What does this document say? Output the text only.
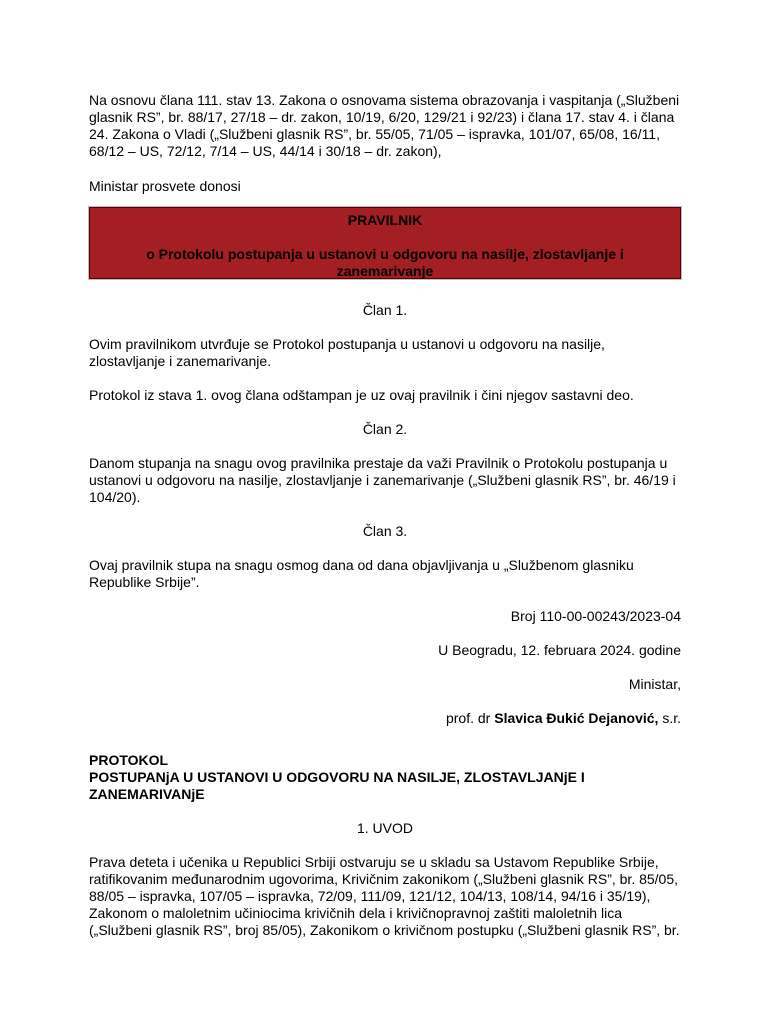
Na osnovu člana 111. stav 13. Zakona o osnovama sistema obrazovanja i vaspitanja („Službeni glasnik RS”, br. 88/17, 27/18 – dr. zakon, 10/19, 6/20, 129/21 i 92/23) i člana 17. stav 4. i člana 24. Zakona o Vladi („Službeni glasnik RS”, br. 55/05, 71/05 – ispravka, 101/07, 65/08, 16/11, 68/12 – US, 72/12, 7/14 – US, 44/14 i 30/18 – dr. zakon),

Ministar prosvete donosi

PRAVILNIK
o Protokolu postupanja u ustanovi u odgovoru na nasilje, zlostavljanje i zanemarivanje

Član 1.

Ovim pravilnikom utvrđuje se Protokol postupanja u ustanovi u odgovoru na nasilje, zlostavljanje i zanemarivanje.

Protokol iz stava 1. ovog člana odštampan je uz ovaj pravilnik i čini njegov sastavni deo.

Član 2.

Danom stupanja na snagu ovog pravilnika prestaje da važi Pravilnik o Protokolu postupanja u ustanovi u odgovoru na nasilje, zlostavljanje i zanemarivanje („Službeni glasnik RS”, br. 46/19 i 104/20).

Član 3.

Ovaj pravilnik stupa na snagu osmog dana od dana objavljivanja u „Službenom glasniku Republike Srbije”.

Broj 110-00-00243/2023-04

U Beogradu, 12. februara 2024. godine

Ministar,

prof. dr Slavica Đukić Dejanović, s.r.

PROTOKOL

POSTUPANjA U USTANOVI U ODGOVORU NA NASILJE, ZLOSTAVLJANjE I ZANEMARIVANjE

1. UVOD

Prava deteta i učenika u Republici Srbiji ostvaruju se u skladu sa Ustavom Republike Srbije, ratifikovanim međunarodnim ugovorima, Krivičnim zakonikom („Službeni glasnik RS”, br. 85/05, 88/05 – ispravka, 107/05 – ispravka, 72/09, 111/09, 121/12, 104/13, 108/14, 94/16 i 35/19), Zakonom o maloletnim učiniocima krivičnih dela i krivičnopravnoj zaštiti maloletnih lica („Službeni glasnik RS”, broj 85/05), Zakonikom o krivičnom postupku („Službeni glasnik RS”, br.
